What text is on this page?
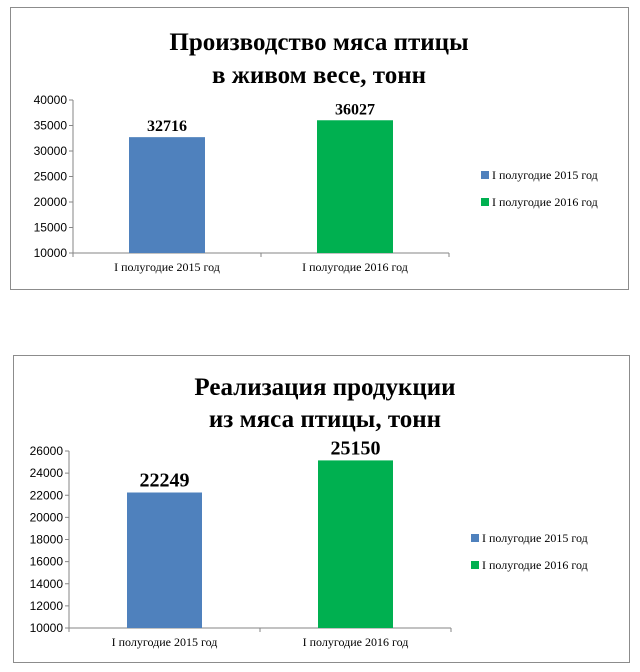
Производство мяса птицы
в живом весе, тонн
10000
15000
20000
25000
30000
35000
40000
32716
I полугодие 2015 год
36027
I полугодие 2016 год
I полугодие 2015 год
I полугодие 2016 год
Реализация продукции
из мяса птицы, тонн
10000
12000
14000
16000
18000
20000
22000
24000
26000
22249
I полугодие 2015 год
25150
I полугодие 2016 год
I полугодие 2015 год
I полугодие 2016 год
